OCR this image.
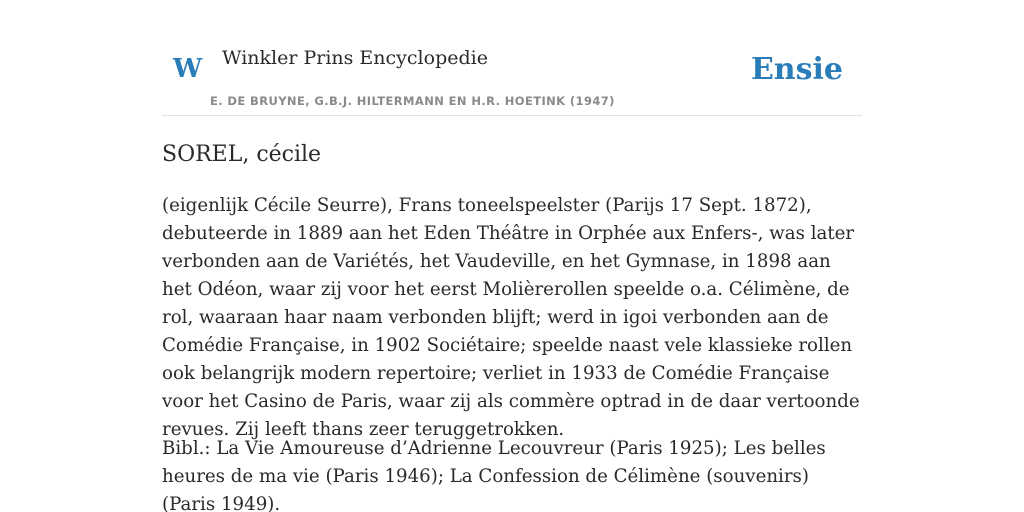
W Winkler Prins Encyclopedie	Ensie
E. DE BRUYNE, G.B.J. HILTERMANN EN H.R. HOETINK (1947)
SOREL, cécile

(eigenlijk Cécile Seurre), Frans toneelspeelster (Parijs 17 Sept. 1872), debuteerde in 1889 aan het Eden Théâtre in Orphée aux Enfers-, was later verbonden aan de Variétés, het Vaudeville, en het Gymnase, in 1898 aan het Odéon, waar zij voor het eerst Molièrerollen speelde o.a. Célimène, de rol, waaraan haar naam verbonden blijft; werd in igoi verbonden aan de Comédie Française, in 1902 Sociétaire; speelde naast vele klassieke rollen ook belangrijk modern repertoire; verliet in 1933 de Comédie Française voor het Casino de Paris, waar zij als commère optrad in de daar vertoonde revues. Zij leeft thans zeer teruggetrokken.

Bibl.: La Vie Amoureuse d’Adrienne Lecouvreur (Paris 1925); Les belles heures de ma vie (Paris 1946); La Confession de Célimène (souvenirs) (Paris 1949).
